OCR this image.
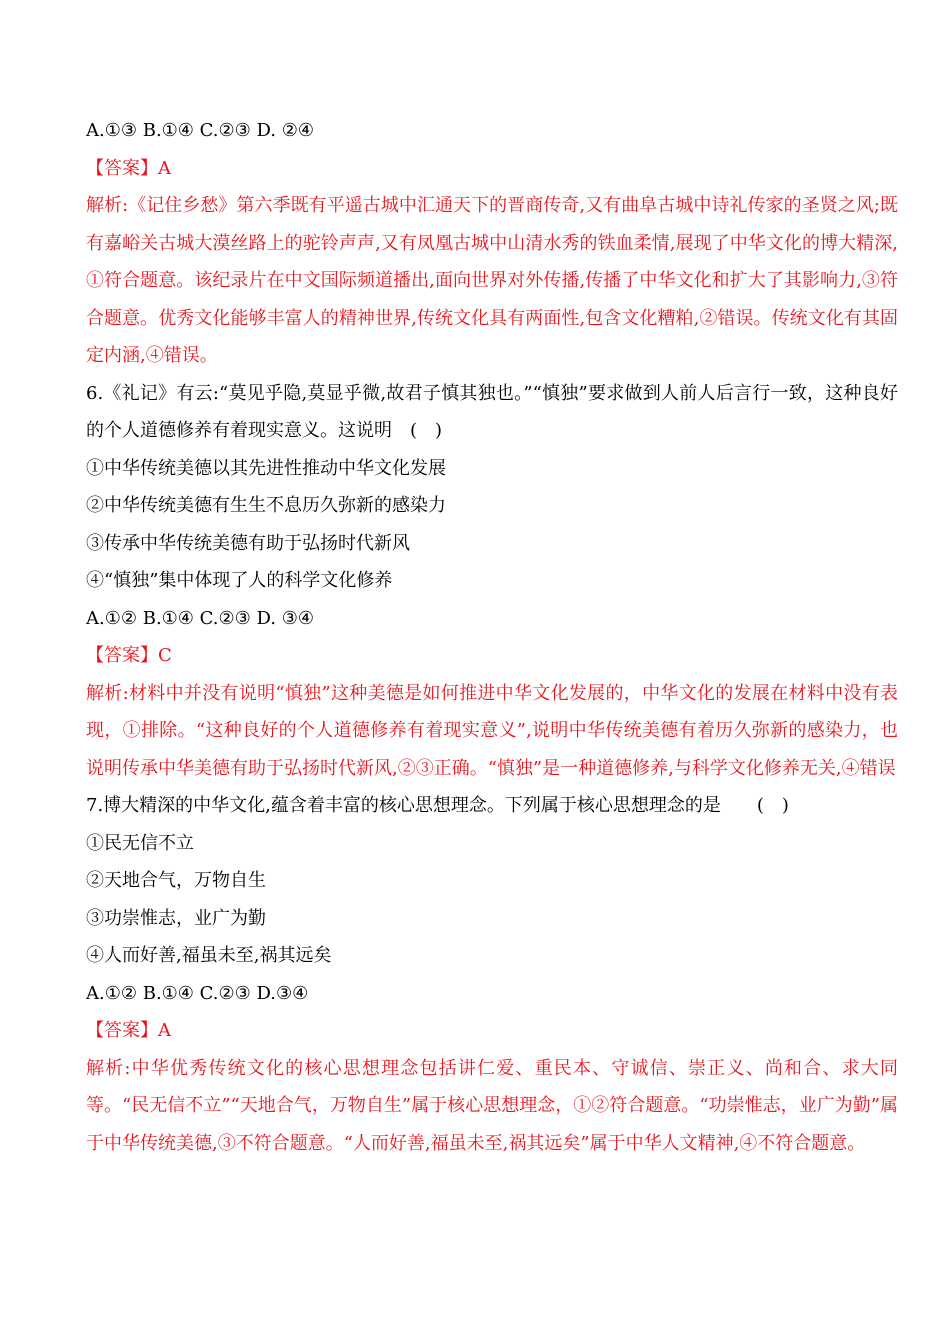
A.①③ B.①④ C.②③ D. ②④
【答案】A

解析:《记住乡愁》第六季既有平遥古城中汇通天下的晋商传奇,又有曲阜古城中诗礼传家的圣贤之风;既有嘉峪关古城大漠丝路上的驼铃声声,又有凤凰古城中山清水秀的铁血柔情,展现了中华文化的博大精深,①符合题意。该纪录片在中文国际频道播出,面向世界对外传播,传播了中华文化和扩大了其影响力,③符合题意。优秀文化能够丰富人的精神世界,传统文化具有两面性,包含文化糟粕,②错误。传统文化有其固定内涵,④错误。

6.《礼记》有云:“莫见乎隐,莫显乎微,故君子慎其独也。”“慎独”要求做到人前人后言行一致，这种良好的个人道德修养有着现实意义。这说明　(　)

①中华传统美德以其先进性推动中华文化发展
②中华传统美德有生生不息历久弥新的感染力
③传承中华传统美德有助于弘扬时代新风
④“慎独”集中体现了人的科学文化修养
A.①② B.①④ C.②③ D. ③④
【答案】C

解析:材料中并没有说明“慎独”这种美德是如何推进中华文化发展的，中华文化的发展在材料中没有表现，①排除。“这种良好的个人道德修养有着现实意义”,说明中华传统美德有着历久弥新的感染力，也说明传承中华美德有助于弘扬时代新风,②③正确。“慎独”是一种道德修养,与科学文化修养无关,④错误

7.博大精深的中华文化,蕴含着丰富的核心思想理念。下列属于核心思想理念的是　　(　)
①民无信不立
②天地合气，万物自生
③功崇惟志，业广为勤
④人而好善,福虽未至,祸其远矣
A.①② B.①④ C.②③ D.③④
【答案】A

解析:中华优秀传统文化的核心思想理念包括讲仁爱、重民本、守诚信、崇正义、尚和合、求大同等。“民无信不立”“天地合气，万物自生”属于核心思想理念，①②符合题意。“功崇惟志，业广为勤”属于中华传统美德,③不符合题意。“人而好善,福虽未至,祸其远矣”属于中华人文精神,④不符合题意。
